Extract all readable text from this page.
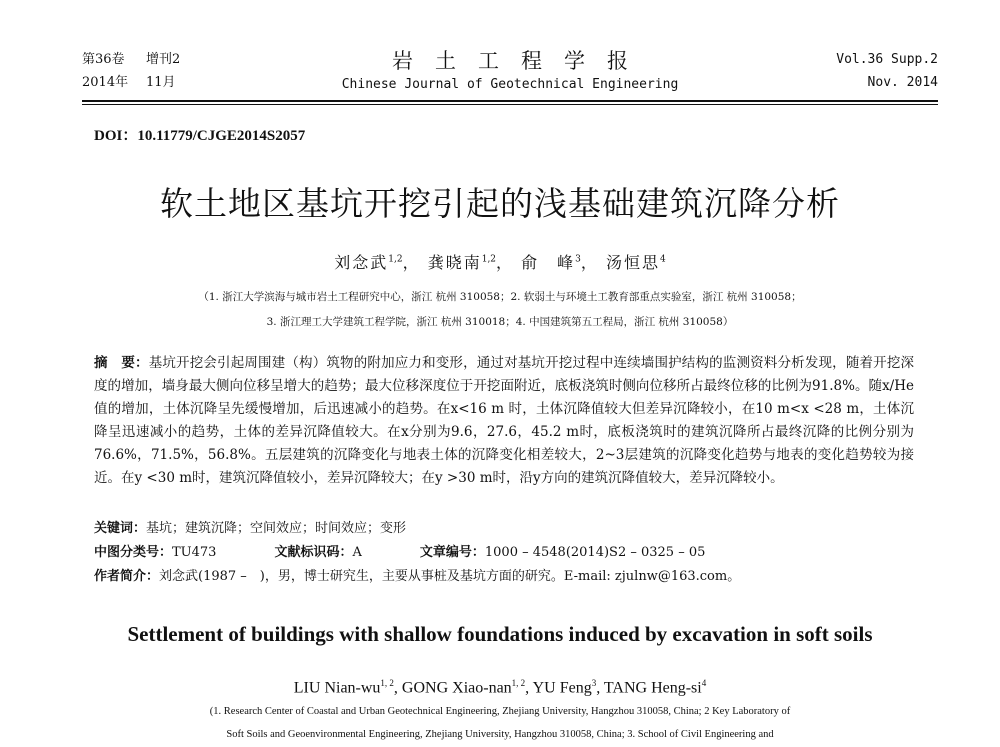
第36卷 增刊2
2014年 11月
岩土工程学报
Chinese Journal of Geotechnical Engineering
Vol.36 Supp.2
Nov. 2014
DOI：10.11779/CJGE2014S2057
软土地区基坑开挖引起的浅基础建筑沉降分析
刘念武$^{1,2}$， 龚晓南$^{1,2}$， 俞　峰$^3$， 汤恒思$^4$
（1. 浙江大学滨海与城市岩土工程研究中心，浙江 杭州 310058；2. 软弱土与环境土工教育部重点实验室，浙江 杭州 310058；
3. 浙江理工大学建筑工程学院，浙江 杭州 310018；4. 中国建筑第五工程局，浙江 杭州 310058）
摘　要：基坑开挖会引起周围建（构）筑物的附加应力和变形，通过对基坑开挖过程中连续墙围护结构的监测资料分析发现，随着开挖深度的增加，墙身最大侧向位移呈增大的趋势；最大位移深度位于开挖面附近，底板浇筑时侧向位移所占最终位移的比例为91.8%。随x/He值的增加，土体沉降呈先缓慢增加，后迅速减小的趋势。在x<16 m 时，土体沉降值较大但差异沉降较小，在10 m<x <28 m，土体沉降呈迅速减小的趋势，土体的差异沉降值较大。在x分别为9.6，27.6，45.2 m时，底板浇筑时的建筑沉降所占最终沉降的比例分别为76.6%，71.5%，56.8%。五层建筑的沉降变化与地表土体的沉降变化相差较大，2~3层建筑的沉降变化趋势与地表的变化趋势较为接近。在y <30 m时，建筑沉降值较小，差异沉降较大；在y >30 m时，沿y方向的建筑沉降值较大，差异沉降较小。
关键词：基坑；建筑沉降；空间效应；时间效应；变形
中图分类号：TU473	文献标识码：A	文章编号：1000 – 4548(2014)S2 – 0325 – 05
作者简介：刘念武(1987 –　)，男，博士研究生，主要从事桩及基坑方面的研究。E-mail: zjulnw@163.com。
Settlement of buildings with shallow foundations induced by excavation in soft soils
LIU Nian-wu$^{1, 2}$, GONG Xiao-nan$^{1, 2}$, YU Feng$^3$, TANG Heng-$si^4$
(1. Research Center of Coastal and Urban Geotechnical Engineering, Zhejiang University, Hangzhou 310058, China; 2 Key Laboratory of
Soft Soils and Geoenvironmental Engineering, Zhejiang University, Hangzhou 310058, China; 3. School of Civil Engineering and
